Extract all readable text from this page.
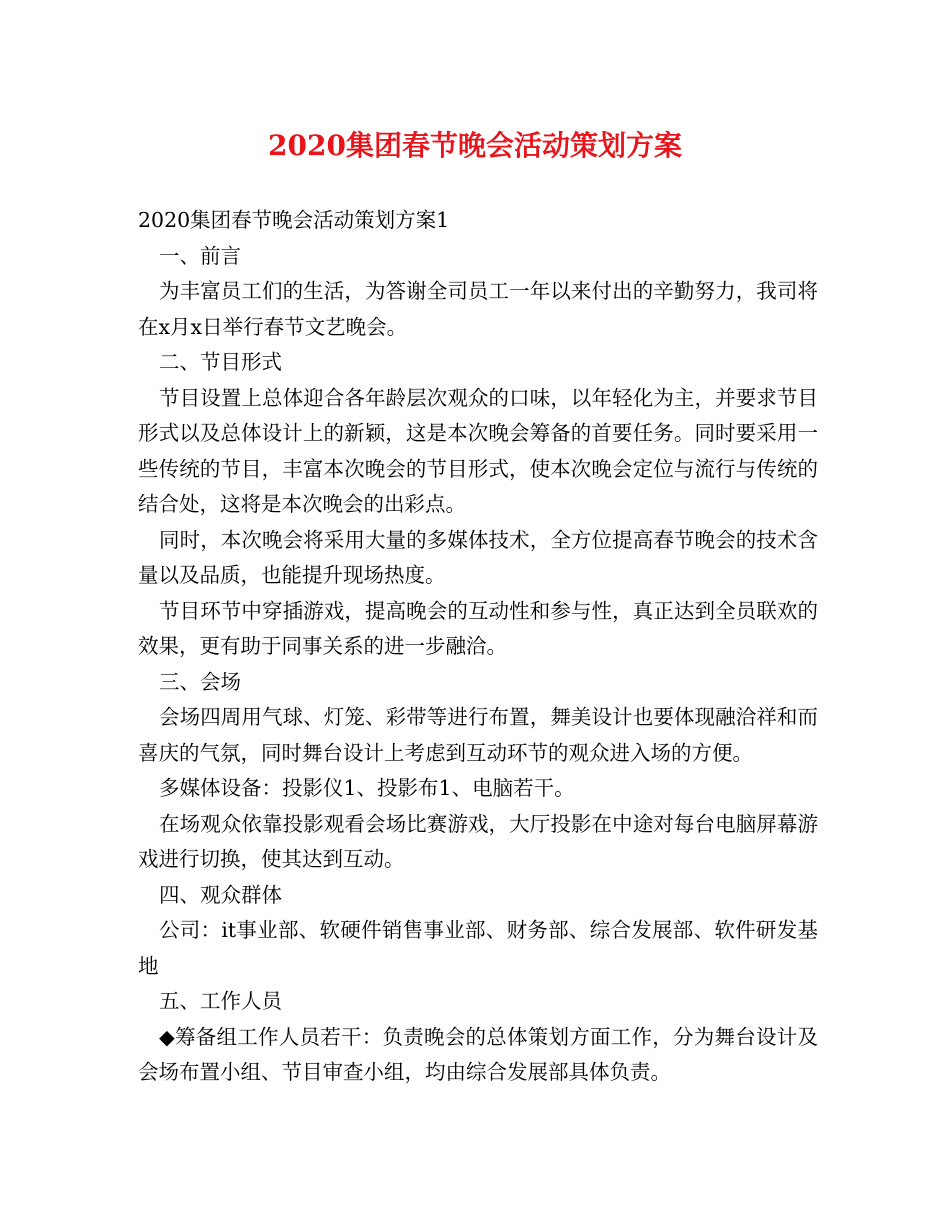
2020集团春节晚会活动策划方案

2020集团春节晚会活动策划方案1

一、前言

为丰富员工们的生活，为答谢全司员工一年以来付出的辛勤努力，我司将在x月x日举行春节文艺晚会。

二、节目形式

节目设置上总体迎合各年龄层次观众的口味，以年轻化为主，并要求节目形式以及总体设计上的新颖，这是本次晚会筹备的首要任务。同时要采用一些传统的节目，丰富本次晚会的节目形式，使本次晚会定位与流行与传统的结合处，这将是本次晚会的出彩点。

同时，本次晚会将采用大量的多媒体技术，全方位提高春节晚会的技术含量以及品质，也能提升现场热度。

节目环节中穿插游戏，提高晚会的互动性和参与性，真正达到全员联欢的效果，更有助于同事关系的进一步融洽。

三、会场

会场四周用气球、灯笼、彩带等进行布置，舞美设计也要体现融洽祥和而喜庆的气氛，同时舞台设计上考虑到互动环节的观众进入场的方便。

多媒体设备：投影仪1、投影布1、电脑若干。

在场观众依靠投影观看会场比赛游戏，大厅投影在中途对每台电脑屏幕游戏进行切换，使其达到互动。

四、观众群体

公司：it事业部、软硬件销售事业部、财务部、综合发展部、软件研发基地

五、工作人员

◆筹备组工作人员若干：负责晚会的总体策划方面工作，分为舞台设计及会场布置小组、节目审查小组，均由综合发展部具体负责。
